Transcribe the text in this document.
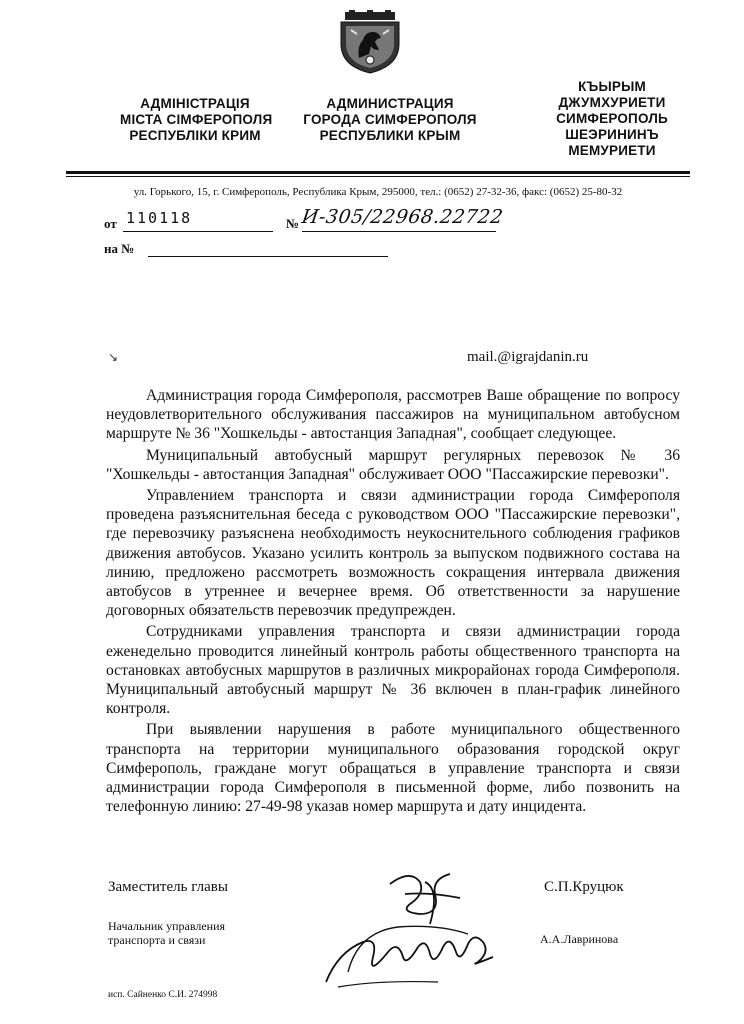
АДМІНІСТРАЦІЯ
МІСТА СІМФЕРОПОЛЯ
РЕСПУБЛІКИ КРИМ
АДМИНИСТРАЦИЯ
ГОРОДА СИМФЕРОПОЛЯ
РЕСПУБЛИКИ КРЫМ
КЪЫРЫМ
ДЖУМХУРИЕТИ
СИМФЕРОПОЛЬ
ШЕЭРИНИНЪ
МЕМУРИЕТИ
ул. Горького, 15, г. Симферополь, Республика Крым, 295000, тел.: (0652) 27-32-36, факс: (0652) 25-80-32
от 110118	№ И-305/22968.22722
на №
↘	mail.@igrajdanin.ru

Администрация города Симферополя, рассмотрев Ваше обращение по вопросу неудовлетворительного обслуживания пассажиров на муниципальном автобусном маршруте № 36 "Хошкельды - автостанция Западная", сообщает следующее.

Муниципальный автобусный маршрут регулярных перевозок № 36 "Хошкельды - автостанция Западная" обслуживает ООО "Пассажирские перевозки".

Управлением транспорта и связи администрации города Симферополя проведена разъяснительная беседа с руководством ООО "Пассажирские перевозки", где перевозчику разъяснена необходимость неукоснительного соблюдения графиков движения автобусов. Указано усилить контроль за выпуском подвижного состава на линию, предложено рассмотреть возможность сокращения интервала движения автобусов в утреннее и вечернее время. Об ответственности за нарушение договорных обязательств перевозчик предупрежден.

Сотрудниками управления транспорта и связи администрации города еженедельно проводится линейный контроль работы общественного транспорта на остановках автобусных маршрутов в различных микрорайонах города Симферополя. Муниципальный автобусный маршрут № 36 включен в план-график линейного контроля.

При выявлении нарушения в работе муниципального общественного транспорта на территории муниципального образования городской округ Симферополь, граждане могут обращаться в управление транспорта и связи администрации города Симферополя в письменной форме, либо позвонить на телефонную линию: 27-49-98 указав номер маршрута и дату инцидента.

Заместитель главы	С.П.Круцюк
Начальник управления
транспорта и связи	А.А.Лавринова
исп. Сайненко С.И. 274998
